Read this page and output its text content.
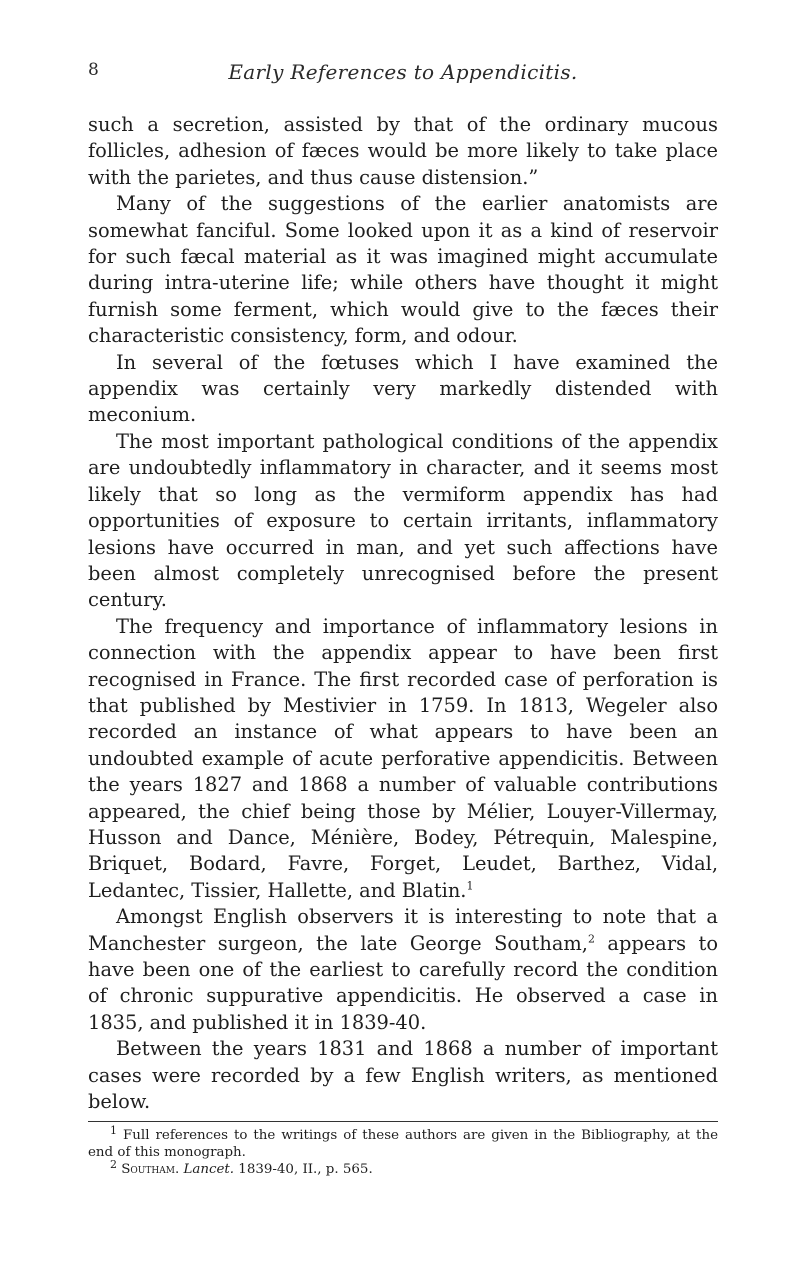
8	Early References to Appendicitis.

such a secretion, assisted by that of the ordinary mucous follicles, adhesion of fæces would be more likely to take place with the parietes, and thus cause distension.”

Many of the suggestions of the earlier anatomists are somewhat fanciful. Some looked upon it as a kind of reservoir for such fæcal material as it was imagined might accumulate during intra-uterine life; while others have thought it might furnish some ferment, which would give to the fæces their characteristic consistency, form, and odour.

In several of the fœtuses which I have examined the appendix was certainly very markedly distended with meconium.

The most important pathological conditions of the appendix are undoubtedly inflammatory in character, and it seems most likely that so long as the vermiform appendix has had opportunities of exposure to certain irritants, inflammatory lesions have occurred in man, and yet such affections have been almost completely unrecognised before the present century.

The frequency and importance of inflammatory lesions in connection with the appendix appear to have been first recognised in France. The first recorded case of perforation is that published by Mestivier in 1759. In 1813, Wegeler also recorded an instance of what appears to have been an undoubted example of acute perforative appendicitis. Between the years 1827 and 1868 a number of valuable contributions appeared, the chief being those by Mélier, Louyer-Villermay, Husson and Dance, Ménière, Bodey, Pétrequin, Malespine, Briquet, Bodard, Favre, Forget, Leudet, Barthez, Vidal, Ledantec, Tissier, Hallette, and Blatin.$^1$

Amongst English observers it is interesting to note that a Manchester surgeon, the late George Southam,$^2$ appears to have been one of the earliest to carefully record the condition of chronic suppurative appendicitis. He observed a case in 1835, and published it in 1839-40.

Between the years 1831 and 1868 a number of important cases were recorded by a few English writers, as mentioned below.

$^1$ Full references to the writings of these authors are given in the Bibliography, at the end of this monograph.

$^2$ Southam. Lancet. 1839-40, II., p. 565.
